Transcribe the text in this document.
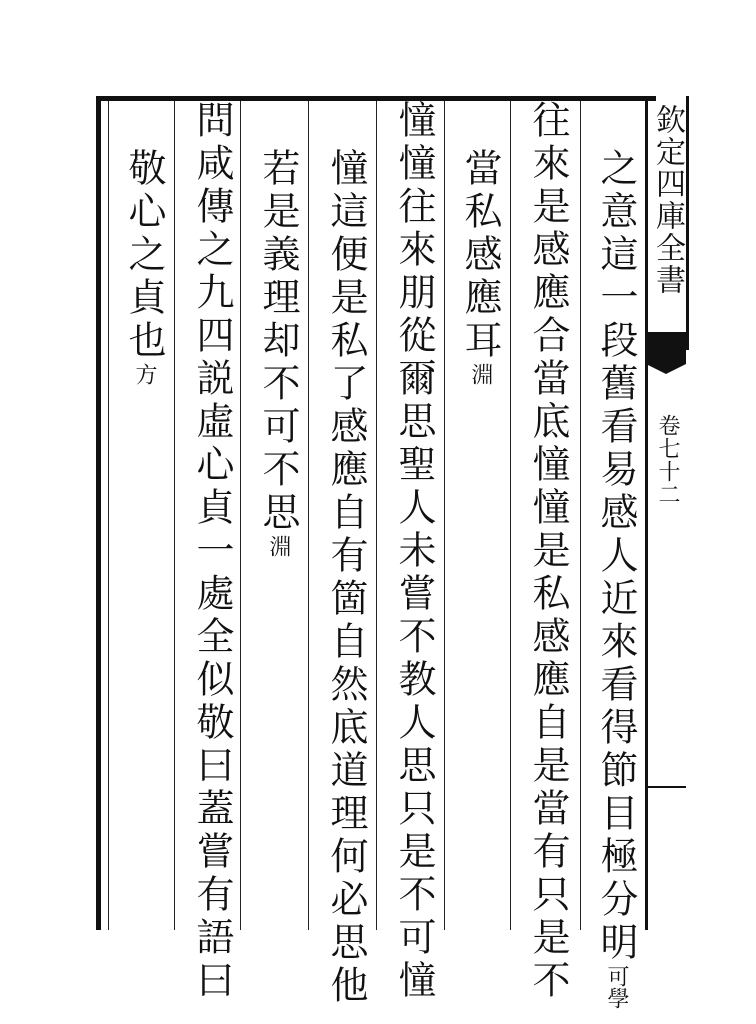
欽定四庫全書
卷七十二
之意這一段舊看易感人近來看得節目極分明可學
往來是感應合當底憧憧是私感應自是當有只是不
當私感應耳淵
憧憧往來朋從爾思聖人未嘗不教人思只是不可憧
憧這便是私了感應自有箇自然底道理何必思他
若是義理却不可不思淵
問咸傳之九四説虛心貞一處全似敬曰蓋嘗有語曰
敬心之貞也方
